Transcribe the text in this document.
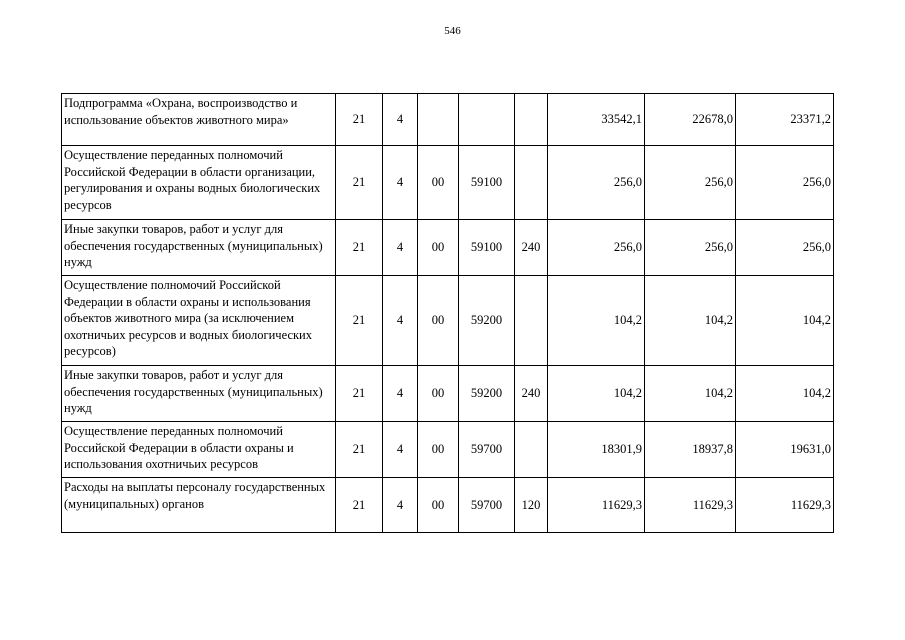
546
Подпрограмма «Охрана, воспроизводство и использование объектов животного мира»	21	4				33542,1	22678,0	23371,2
Осуществление переданных полномочий Российской Федерации в области организации, регулирования и охраны водных биологических ресурсов	21	4	00	59100		256,0	256,0	256,0
Иные закупки товаров, работ и услуг для обеспечения государственных (муниципальных) нужд	21	4	00	59100	240	256,0	256,0	256,0
Осуществление полномочий Российской Федерации в области охраны и использования объектов животного мира (за исключением охотничьих ресурсов и водных биологических ресурсов)	21	4	00	59200		104,2	104,2	104,2
Иные закупки товаров, работ и услуг для обеспечения государственных (муниципальных) нужд	21	4	00	59200	240	104,2	104,2	104,2
Осуществление переданных полномочий Российской Федерации в области охраны и использования охотничьих ресурсов	21	4	00	59700		18301,9	18937,8	19631,0
Расходы на выплаты персоналу государственных (муниципальных) органов	21	4	00	59700	120	11629,3	11629,3	11629,3
